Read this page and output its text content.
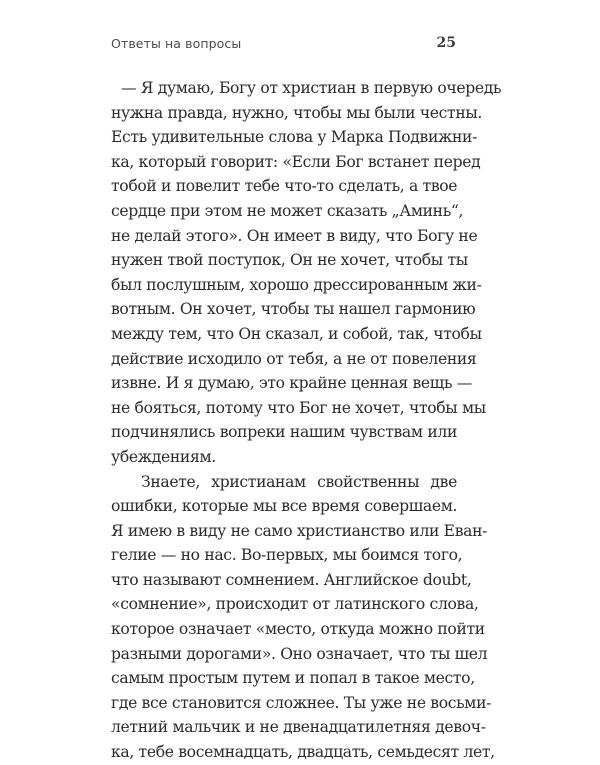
Ответы на вопросы	25
— Я думаю, Богу от христиан в первую очередь
нужна правда, нужно, чтобы мы были честны.
Есть удивительные слова у Марка Подвижни-
ка, который говорит: «Если Бог встанет перед
тобой и повелит тебе что-то сделать, а твое
сердце при этом не может сказать „Аминь“,
не делай этого». Он имеет в виду, что Богу не
нужен твой поступок, Он не хочет, чтобы ты
был послушным, хорошо дрессированным жи-
вотным. Он хочет, чтобы ты нашел гармонию
между тем, что Он сказал, и собой, так, чтобы
действие исходило от тебя, а не от повеления
извне. И я думаю, это крайне ценная вещь —
не бояться, потому что Бог не хочет, чтобы мы
подчинялись вопреки нашим чувствам или
убеждениям.
Знаете, христианам свойственны две
ошибки, которые мы все время совершаем.
Я имею в виду не само христианство или Еван-
гелие — но нас. Во-первых, мы боимся того,
что называют сомнением. Английское doubt,
«сомнение», происходит от латинского слова,
которое означает «место, откуда можно пойти
разными дорогами». Оно означает, что ты шел
самым простым путем и попал в такое место,
где все становится сложнее. Ты уже не восьми-
летний мальчик и не двенадцатилетняя девоч-
ка, тебе восемнадцать, двадцать, семьдесят лет,
